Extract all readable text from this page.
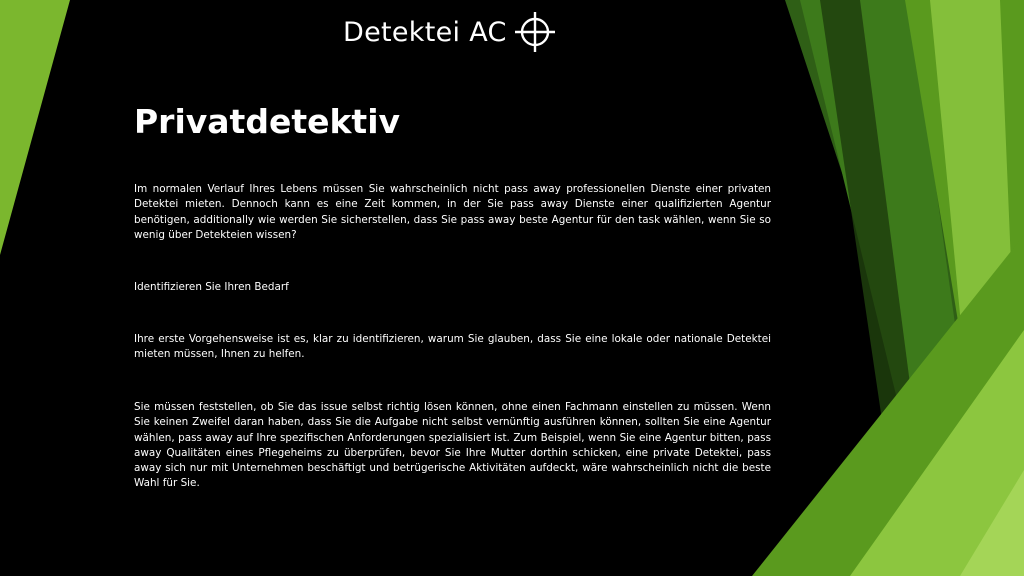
Detektei AC
Privatdetektiv

Im normalen Verlauf Ihres Lebens müssen Sie wahrscheinlich nicht pass away professionellen Dienste einer privaten Detektei mieten. Dennoch kann es eine Zeit kommen, in der Sie pass away Dienste einer qualifizierten Agentur benötigen, additionally wie werden Sie sicherstellen, dass Sie pass away beste Agentur für den task wählen, wenn Sie so wenig über Detekteien wissen?

Identifizieren Sie Ihren Bedarf

Ihre erste Vorgehensweise ist es, klar zu identifizieren, warum Sie glauben, dass Sie eine lokale oder nationale Detektei mieten müssen, Ihnen zu helfen.

Sie müssen feststellen, ob Sie das issue selbst richtig lösen können, ohne einen Fachmann einstellen zu müssen. Wenn Sie keinen Zweifel daran haben, dass Sie die Aufgabe nicht selbst vernünftig ausführen können, sollten Sie eine Agentur wählen, pass away auf Ihre spezifischen Anforderungen spezialisiert ist. Zum Beispiel, wenn Sie eine Agentur bitten, pass away Qualitäten eines Pflegeheims zu überprüfen, bevor Sie Ihre Mutter dorthin schicken, eine private Detektei, pass away sich nur mit Unternehmen beschäftigt und betrügerische Aktivitäten aufdeckt, wäre wahrscheinlich nicht die beste Wahl für Sie.
